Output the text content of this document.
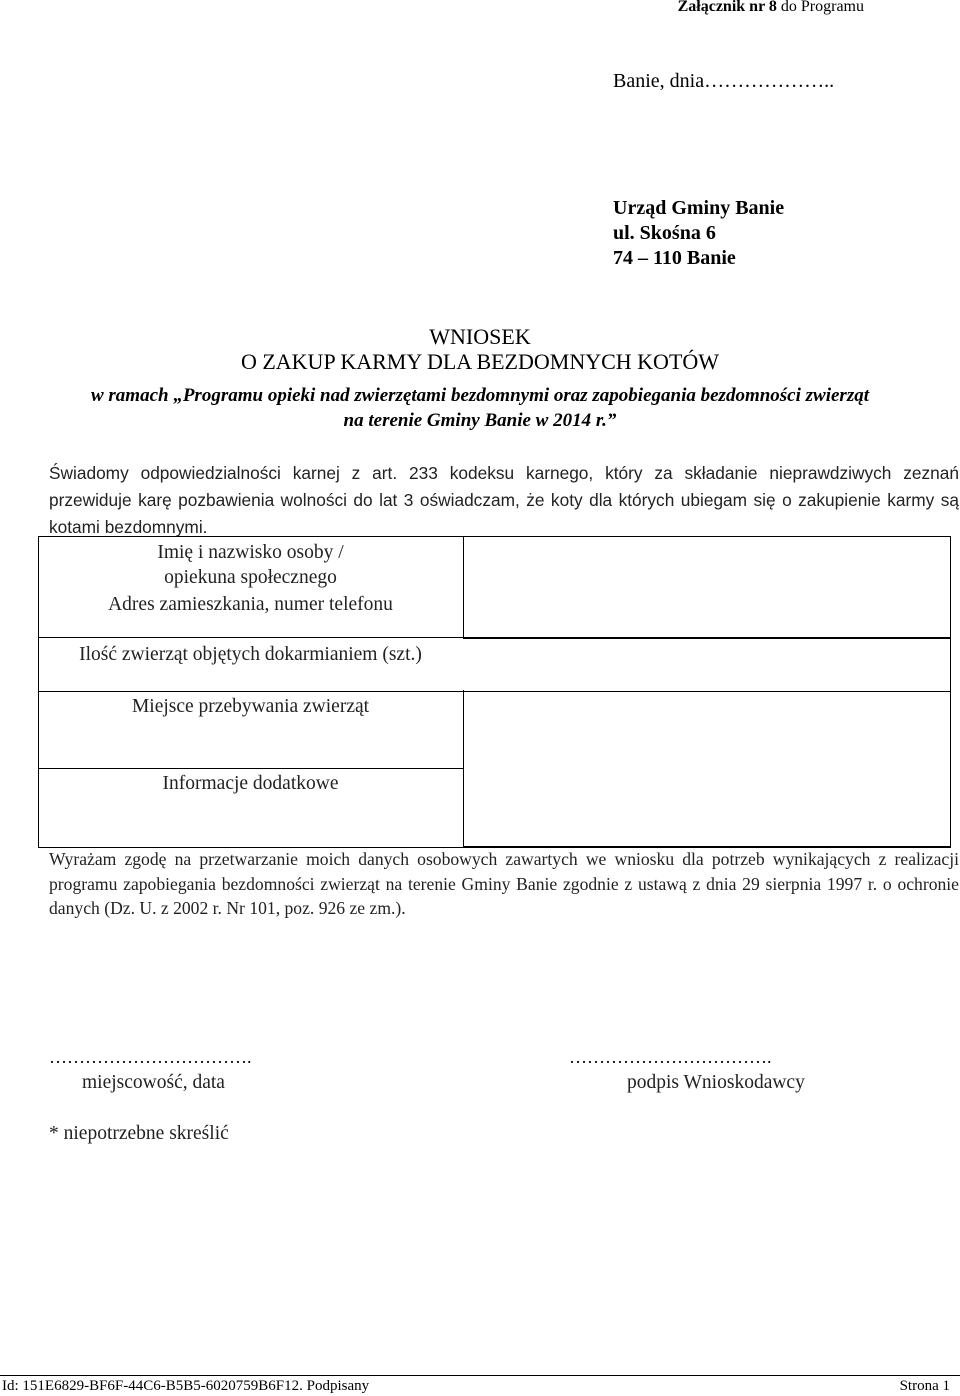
Załącznik nr 8 do Programu
Banie, dnia………………..
Urząd Gminy Banie
ul. Skośna 6
74 – 110 Banie
WNIOSEK
O ZAKUP KARMY DLA BEZDOMNYCH KOTÓW
w ramach „Programu opieki nad zwierzętami bezdomnymi oraz zapobiegania bezdomności zwierząt
na terenie Gminy Banie w 2014 r.”
Świadomy odpowiedzialności karnej z art. 233 kodeksu karnego, który za składanie nieprawdziwych zeznań przewiduje karę pozbawienia wolności do lat 3 oświadczam, że koty dla których ubiegam się o zakupienie karmy są kotami bezdomnymi.
Imię i nazwisko osoby /
opiekuna społecznego
Adres zamieszkania, numer telefonu
Ilość zwierząt objętych dokarmianiem (szt.)
Miejsce przebywania zwierząt
Informacje dodatkowe
Wyrażam zgodę na przetwarzanie moich danych osobowych zawartych we wniosku dla potrzeb wynikających z realizacji programu zapobiegania bezdomności zwierząt na terenie Gminy Banie zgodnie z ustawą z dnia 29 sierpnia 1997 r. o ochronie danych (Dz. U. z 2002 r. Nr 101, poz. 926 ze zm.).
…………………………….
miejscowość, data
…………………………….
podpis Wnioskodawcy
* niepotrzebne skreślić
Id: 151E6829-BF6F-44C6-B5B5-6020759B6F12. Podpisany	Strona 1
